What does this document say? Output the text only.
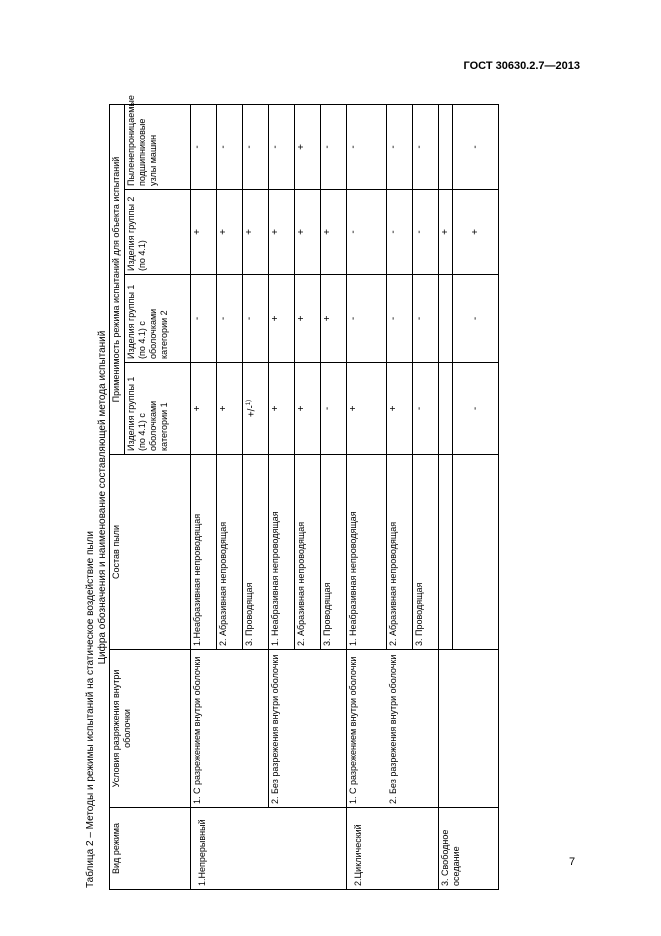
ГОСТ 30630.2.7—2013
Таблица 2 – Методы и режимы испытаний на статическое воздействие пыли
Цифра обозначения и наименование составляющей метода испытаний
Вид режима	Условия разряжения внутри оболочки	Состав пыли	Применимость режима испытаний для объекта испытаний			
			Изделия группы 1 (по 4.1) с оболочками категории 1	Изделия группы 1 (по 4.1) с оболочками категории 2	Изделия группы 2 (по 4.1)	Пыленепроницаемые подшипниковые узлы машин
1.Непрерывный	1. С разрежением внутри оболочки	1.Неабразивная непроводящая	+	-	+	-
		2. Абразивная непроводящая	+	-	+	-
		3. Проводящая	+/-$^{1)}$	-	+	-
	2. Без разрежения внутри оболочки	1. Неабразивная непроводящая	+	+	+	-
		2. Абразивная непроводящая	+	+	+	+
		3. Проводящая	-	+	+	-
2.Циклический	1. С разрежением внутри оболочки	1. Неабразивная непроводящая	+	-	-	-
	2. Без разрежения внутри оболочки	2. Абразивная непроводящая	+	-	-	-
		3. Проводящая	-	-	-	-
3. Свободное оседание					+	
			-	-	+	-
7
